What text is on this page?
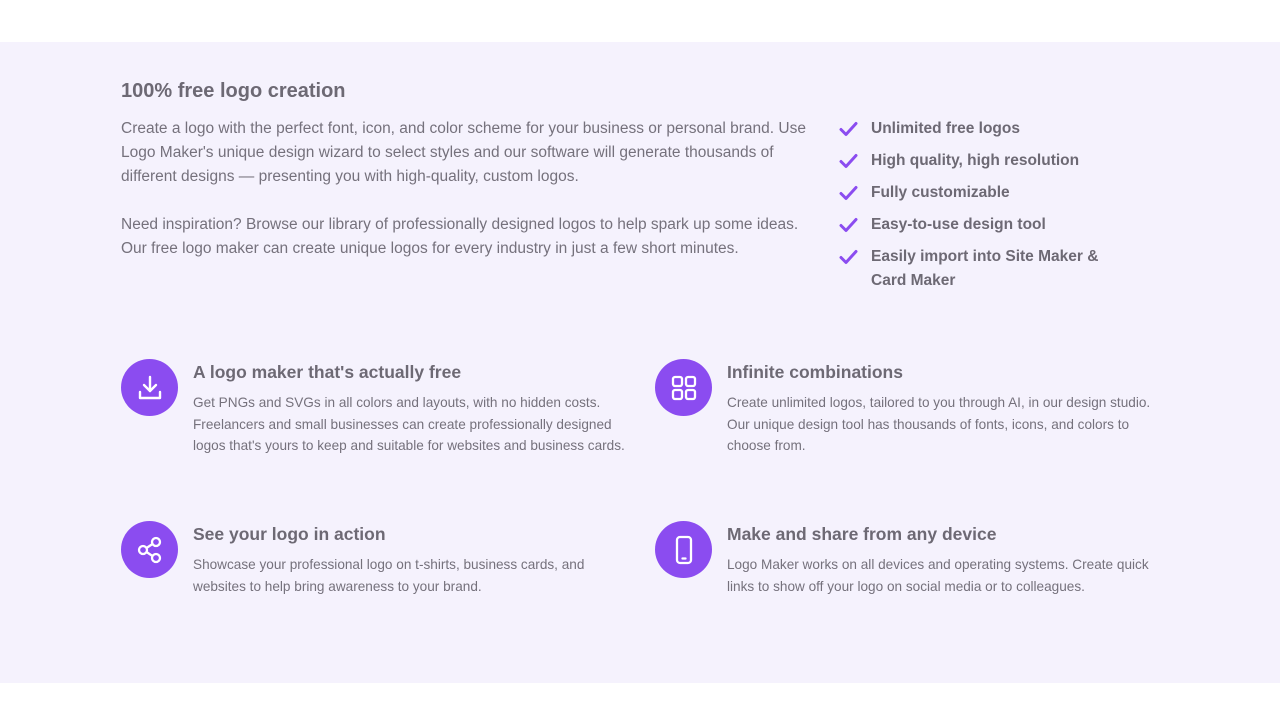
100% free logo creation

Create a logo with the perfect font, icon, and color scheme for your business or personal brand. Use Logo Maker's unique design wizard to select styles and our software will generate thousands of different designs — presenting you with high-quality, custom logos.

Need inspiration? Browse our library of professionally designed logos to help spark up some ideas. Our free logo maker can create unique logos for every industry in just a few short minutes.

Unlimited free logos
High quality, high resolution
Fully customizable
Easy-to-use design tool
Easily import into Site Maker & Card Maker
A logo maker that's actually free

Get PNGs and SVGs in all colors and layouts, with no hidden costs. Freelancers and small businesses can create professionally designed logos that's yours to keep and suitable for websites and business cards.

Infinite combinations

Create unlimited logos, tailored to you through AI, in our design studio. Our unique design tool has thousands of fonts, icons, and colors to choose from.

See your logo in action

Showcase your professional logo on t-shirts, business cards, and websites to help bring awareness to your brand.

Make and share from any device

Logo Maker works on all devices and operating systems. Create quick links to show off your logo on social media or to colleagues.
